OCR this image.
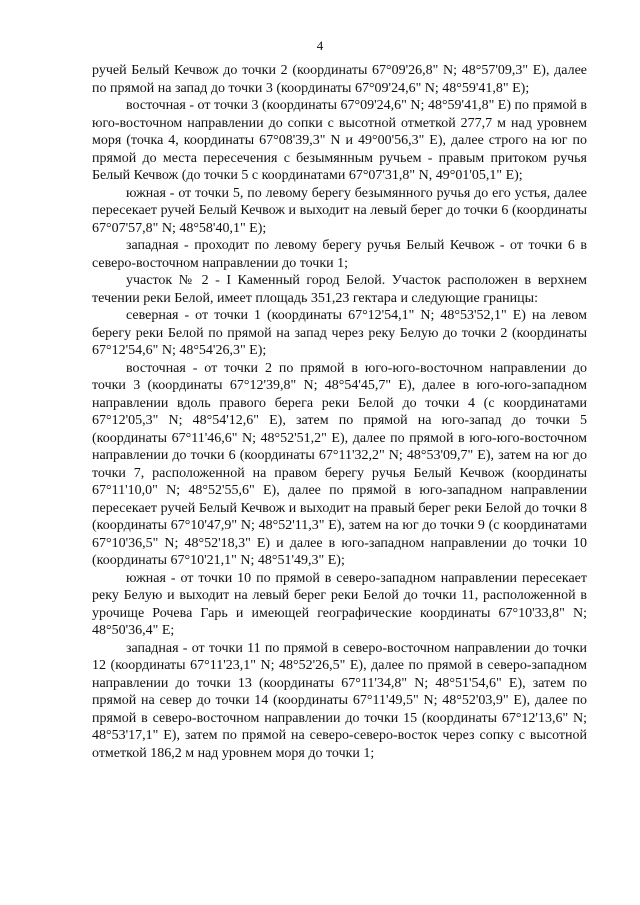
4

ручей Белый Кечвож до точки 2 (координаты 67°09'26,8" N; 48°57'09,3" E), далее по прямой на запад до точки 3 (координаты 67°09'24,6" N; 48°59'41,8" E);

восточная - от точки 3 (координаты 67°09'24,6" N; 48°59'41,8" E) по прямой в юго-восточном направлении до сопки с высотной отметкой 277,7 м над уровнем моря (точка 4, координаты 67°08'39,3" N и 49°00'56,3" E), далее строго на юг по прямой до места пересечения с безымянным ручьем - правым притоком ручья Белый Кечвож (до точки 5 с координатами 67°07'31,8" N, 49°01'05,1" E);

южная - от точки 5, по левому берегу безымянного ручья до его устья, далее пересекает ручей Белый Кечвож и выходит на левый берег до точки 6 (координаты 67°07'57,8" N; 48°58'40,1" E);

западная - проходит по левому берегу ручья Белый Кечвож - от точки 6 в северо-восточном направлении до точки 1;

участок № 2 - I Каменный город Белой. Участок расположен в верхнем течении реки Белой, имеет площадь 351,23 гектара и следующие границы:

северная - от точки 1 (координаты 67°12'54,1" N; 48°53'52,1" E) на левом берегу реки Белой по прямой на запад через реку Белую до точки 2 (координаты 67°12'54,6" N; 48°54'26,3" E);

восточная - от точки 2 по прямой в юго-юго-восточном направлении до точки 3 (координаты 67°12'39,8" N; 48°54'45,7" E), далее в юго-юго-западном направлении вдоль правого берега реки Белой до точки 4 (с координатами 67°12'05,3" N; 48°54'12,6" E), затем по прямой на юго-запад до точки 5 (координаты 67°11'46,6" N; 48°52'51,2" E), далее по прямой в юго-юго-восточном направлении до точки 6 (координаты 67°11'32,2" N; 48°53'09,7" E), затем на юг до точки 7, расположенной на правом берегу ручья Белый Кечвож (координаты 67°11'10,0" N; 48°52'55,6" E), далее по прямой в юго-западном направлении пересекает ручей Белый Кечвож и выходит на правый берег реки Белой до точки 8 (координаты 67°10'47,9" N; 48°52'11,3" E), затем на юг до точки 9 (с координатами 67°10'36,5" N; 48°52'18,3" E) и далее в юго-западном направлении до точки 10 (координаты 67°10'21,1" N; 48°51'49,3" E);

южная - от точки 10 по прямой в северо-западном направлении пересекает реку Белую и выходит на левый берег реки Белой до точки 11, расположенной в урочище Рочева Гарь и имеющей географические координаты 67°10'33,8" N; 48°50'36,4" E;

западная - от точки 11 по прямой в северо-восточном направлении до точки 12 (координаты 67°11'23,1" N; 48°52'26,5" E), далее по прямой в северо-западном направлении до точки 13 (координаты 67°11'34,8" N; 48°51'54,6" E), затем по прямой на север до точки 14 (координаты 67°11'49,5" N; 48°52'03,9" E), далее по прямой в северо-восточном направлении до точки 15 (координаты 67°12'13,6" N; 48°53'17,1" E), затем по прямой на северо-северо-восток через сопку с высотной отметкой 186,2 м над уровнем моря до точки 1;
